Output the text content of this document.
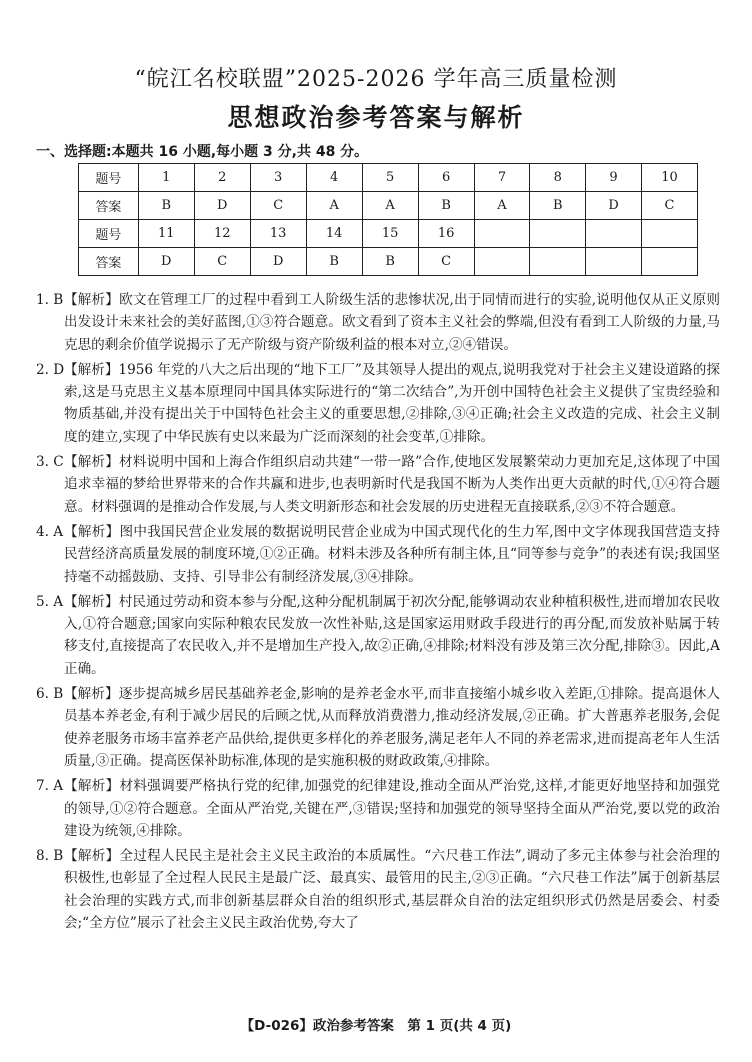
“皖江名校联盟”2025-2026 学年高三质量检测
思想政治参考答案与解析
一、选择题:本题共 16 小题,每小题 3 分,共 48 分。
题号	1	2	3	4	5	6	7	8	9	10
答案	B	D	C	A	A	B	A	B	D	C
题号	11	12	13	14	15	16				
答案	D	C	D	B	B	C				
1. B 【解析】欧文在管理工厂的过程中看到工人阶级生活的悲惨状况,出于同情而进行的实验,说明他仅从正义原则出发设计未来社会的美好蓝图,①③符合题意。欧文看到了资本主义社会的弊端,但没有看到工人阶级的力量,马克思的剩余价值学说揭示了无产阶级与资产阶级利益的根本对立,②④错误。
2. D 【解析】1956 年党的八大之后出现的“地下工厂”及其领导人提出的观点,说明我党对于社会主义建设道路的探索,这是马克思主义基本原理同中国具体实际进行的“第二次结合”,为开创中国特色社会主义提供了宝贵经验和物质基础,并没有提出关于中国特色社会主义的重要思想,②排除,③④正确;社会主义改造的完成、社会主义制度的建立,实现了中华民族有史以来最为广泛而深刻的社会变革,①排除。
3. C 【解析】材料说明中国和上海合作组织启动共建“一带一路”合作,使地区发展繁荣动力更加充足,这体现了中国追求幸福的梦给世界带来的合作共赢和进步,也表明新时代是我国不断为人类作出更大贡献的时代,①④符合题意。材料强调的是推动合作发展,与人类文明新形态和社会发展的历史进程无直接联系,②③不符合题意。
4. A 【解析】图中我国民营企业发展的数据说明民营企业成为中国式现代化的生力军,图中文字体现我国营造支持民营经济高质量发展的制度环境,①②正确。材料未涉及各种所有制主体,且“同等参与竞争”的表述有误;我国坚持毫不动摇鼓励、支持、引导非公有制经济发展,③④排除。
5. A 【解析】村民通过劳动和资本参与分配,这种分配机制属于初次分配,能够调动农业种植积极性,进而增加农民收入,①符合题意;国家向实际种粮农民发放一次性补贴,这是国家运用财政手段进行的再分配,而发放补贴属于转移支付,直接提高了农民收入,并不是增加生产投入,故②正确,④排除;材料没有涉及第三次分配,排除③。因此,A 正确。
6. B 【解析】逐步提高城乡居民基础养老金,影响的是养老金水平,而非直接缩小城乡收入差距,①排除。提高退休人员基本养老金,有利于减少居民的后顾之忧,从而释放消费潜力,推动经济发展,②正确。扩大普惠养老服务,会促使养老服务市场丰富养老产品供给,提供更多样化的养老服务,满足老年人不同的养老需求,进而提高老年人生活质量,③正确。提高医保补助标准,体现的是实施积极的财政政策,④排除。
7. A 【解析】材料强调要严格执行党的纪律,加强党的纪律建设,推动全面从严治党,这样,才能更好地坚持和加强党的领导,①②符合题意。全面从严治党,关键在严,③错误;坚持和加强党的领导坚持全面从严治党,要以党的政治建设为统领,④排除。
8. B 【解析】全过程人民民主是社会主义民主政治的本质属性。“六尺巷工作法”,调动了多元主体参与社会治理的积极性,也彰显了全过程人民民主是最广泛、最真实、最管用的民主,②③正确。“六尺巷工作法”属于创新基层社会治理的实践方式,而非创新基层群众自治的组织形式,基层群众自治的法定组织形式仍然是居委会、村委会;“全方位”展示了社会主义民主政治优势,夸大了
【D-026】政治参考答案　第 1 页(共 4 页)
